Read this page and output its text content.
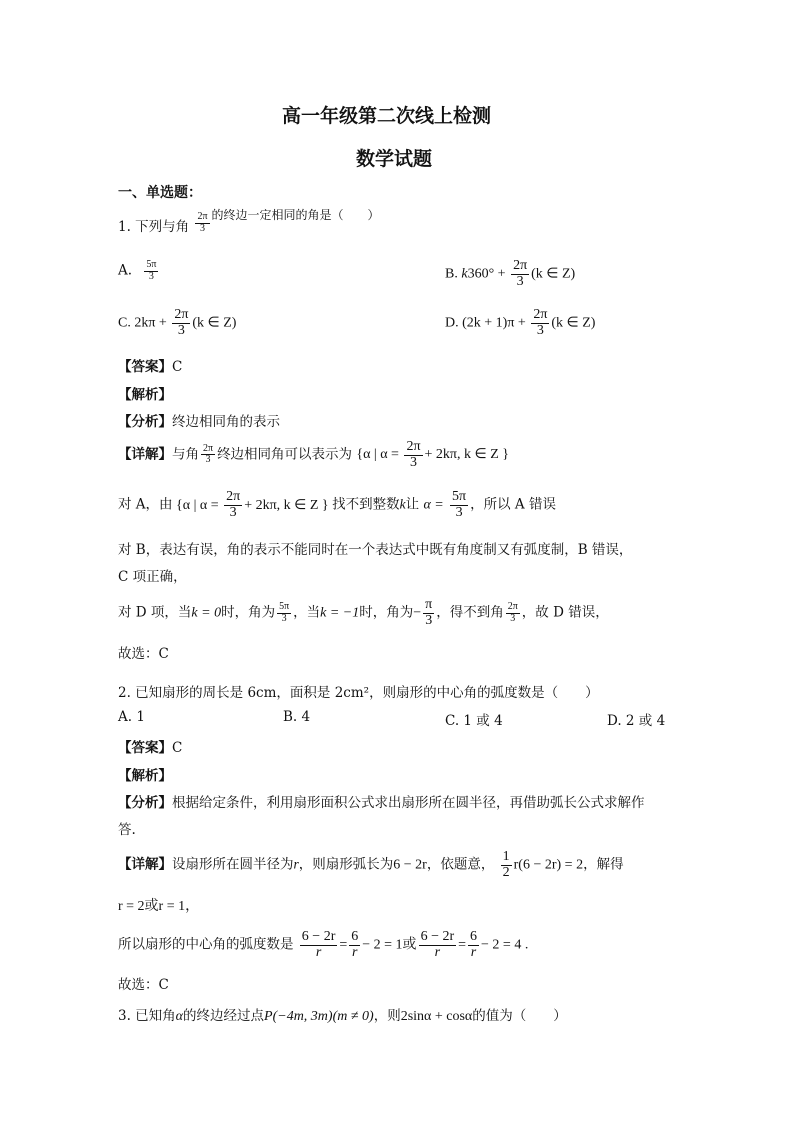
高一年级第二次线上检测
数学试题
一、单选题：
1. 下列与角 $\frac{2\pi}{3}$ 的终边一定相同的角是（　　）
A. $\frac{5\pi}{3}$	B. $k360^\circ + \frac{2\pi}{3} (k$ ∈ Z)
C. $2k\pi + \frac{2\pi}{3} (k$ ∈ Z)	D. $(2k + 1)\pi + \frac{2\pi}{3} (k$ ∈ Z)
【答案】C
【解析】
【分析】终边相同角的表示
【详解】与角 $\frac{2\pi}{3}$ 终边相同角可以表示为 {α | $\alpha = \frac{2\pi}{3} + 2k\pi$, k ∈ Z }
对 A，由 {α | $\alpha = \frac{2\pi}{3} + 2k\pi$, k ∈ Z } 找不到整数k让 $\alpha = \frac{5\pi}{3}$ ，所以 A 错误
对 B，表达有误，角的表示不能同时在一个表达式中既有角度制又有弧度制，B 错误，
C 项正确，
对 D 项，当k = 0时，角为 $\frac{5\pi}{3}$ ，当k = −1时，角为− $\frac{\pi}{3}$ ，得不到角 $\frac{2\pi}{3}$ ，故 D 错误，
故选：C
2. 已知扇形的周长是 6cm，面积是 2cm²，则扇形的中心角的弧度数是（　　）
A. 1	B. 4	C. 1 或 4	D. 2 或 4
【答案】C
【解析】
【分析】根据给定条件，利用扇形面积公式求出扇形所在圆半径，再借助弧长公式求解作
答.
【详解】设扇形所在圆半径为r，则扇形弧长为6 − 2r，依题意， $\frac{1}{2} r(6 - 2r) = 2$，解得
r = 2或r = 1，
所以扇形的中心角的弧度数是 $\frac{6 - 2r}{r} = \frac{6}{r} - 2 = 1$或 $\frac{6 - 2r}{r} = \frac{6}{r} - 2 = 4$ .
故选：C
3. 已知角α的终边经过点P(−4m, 3m)(m ≠ 0)，则2sinα + cosα的值为（　　）
